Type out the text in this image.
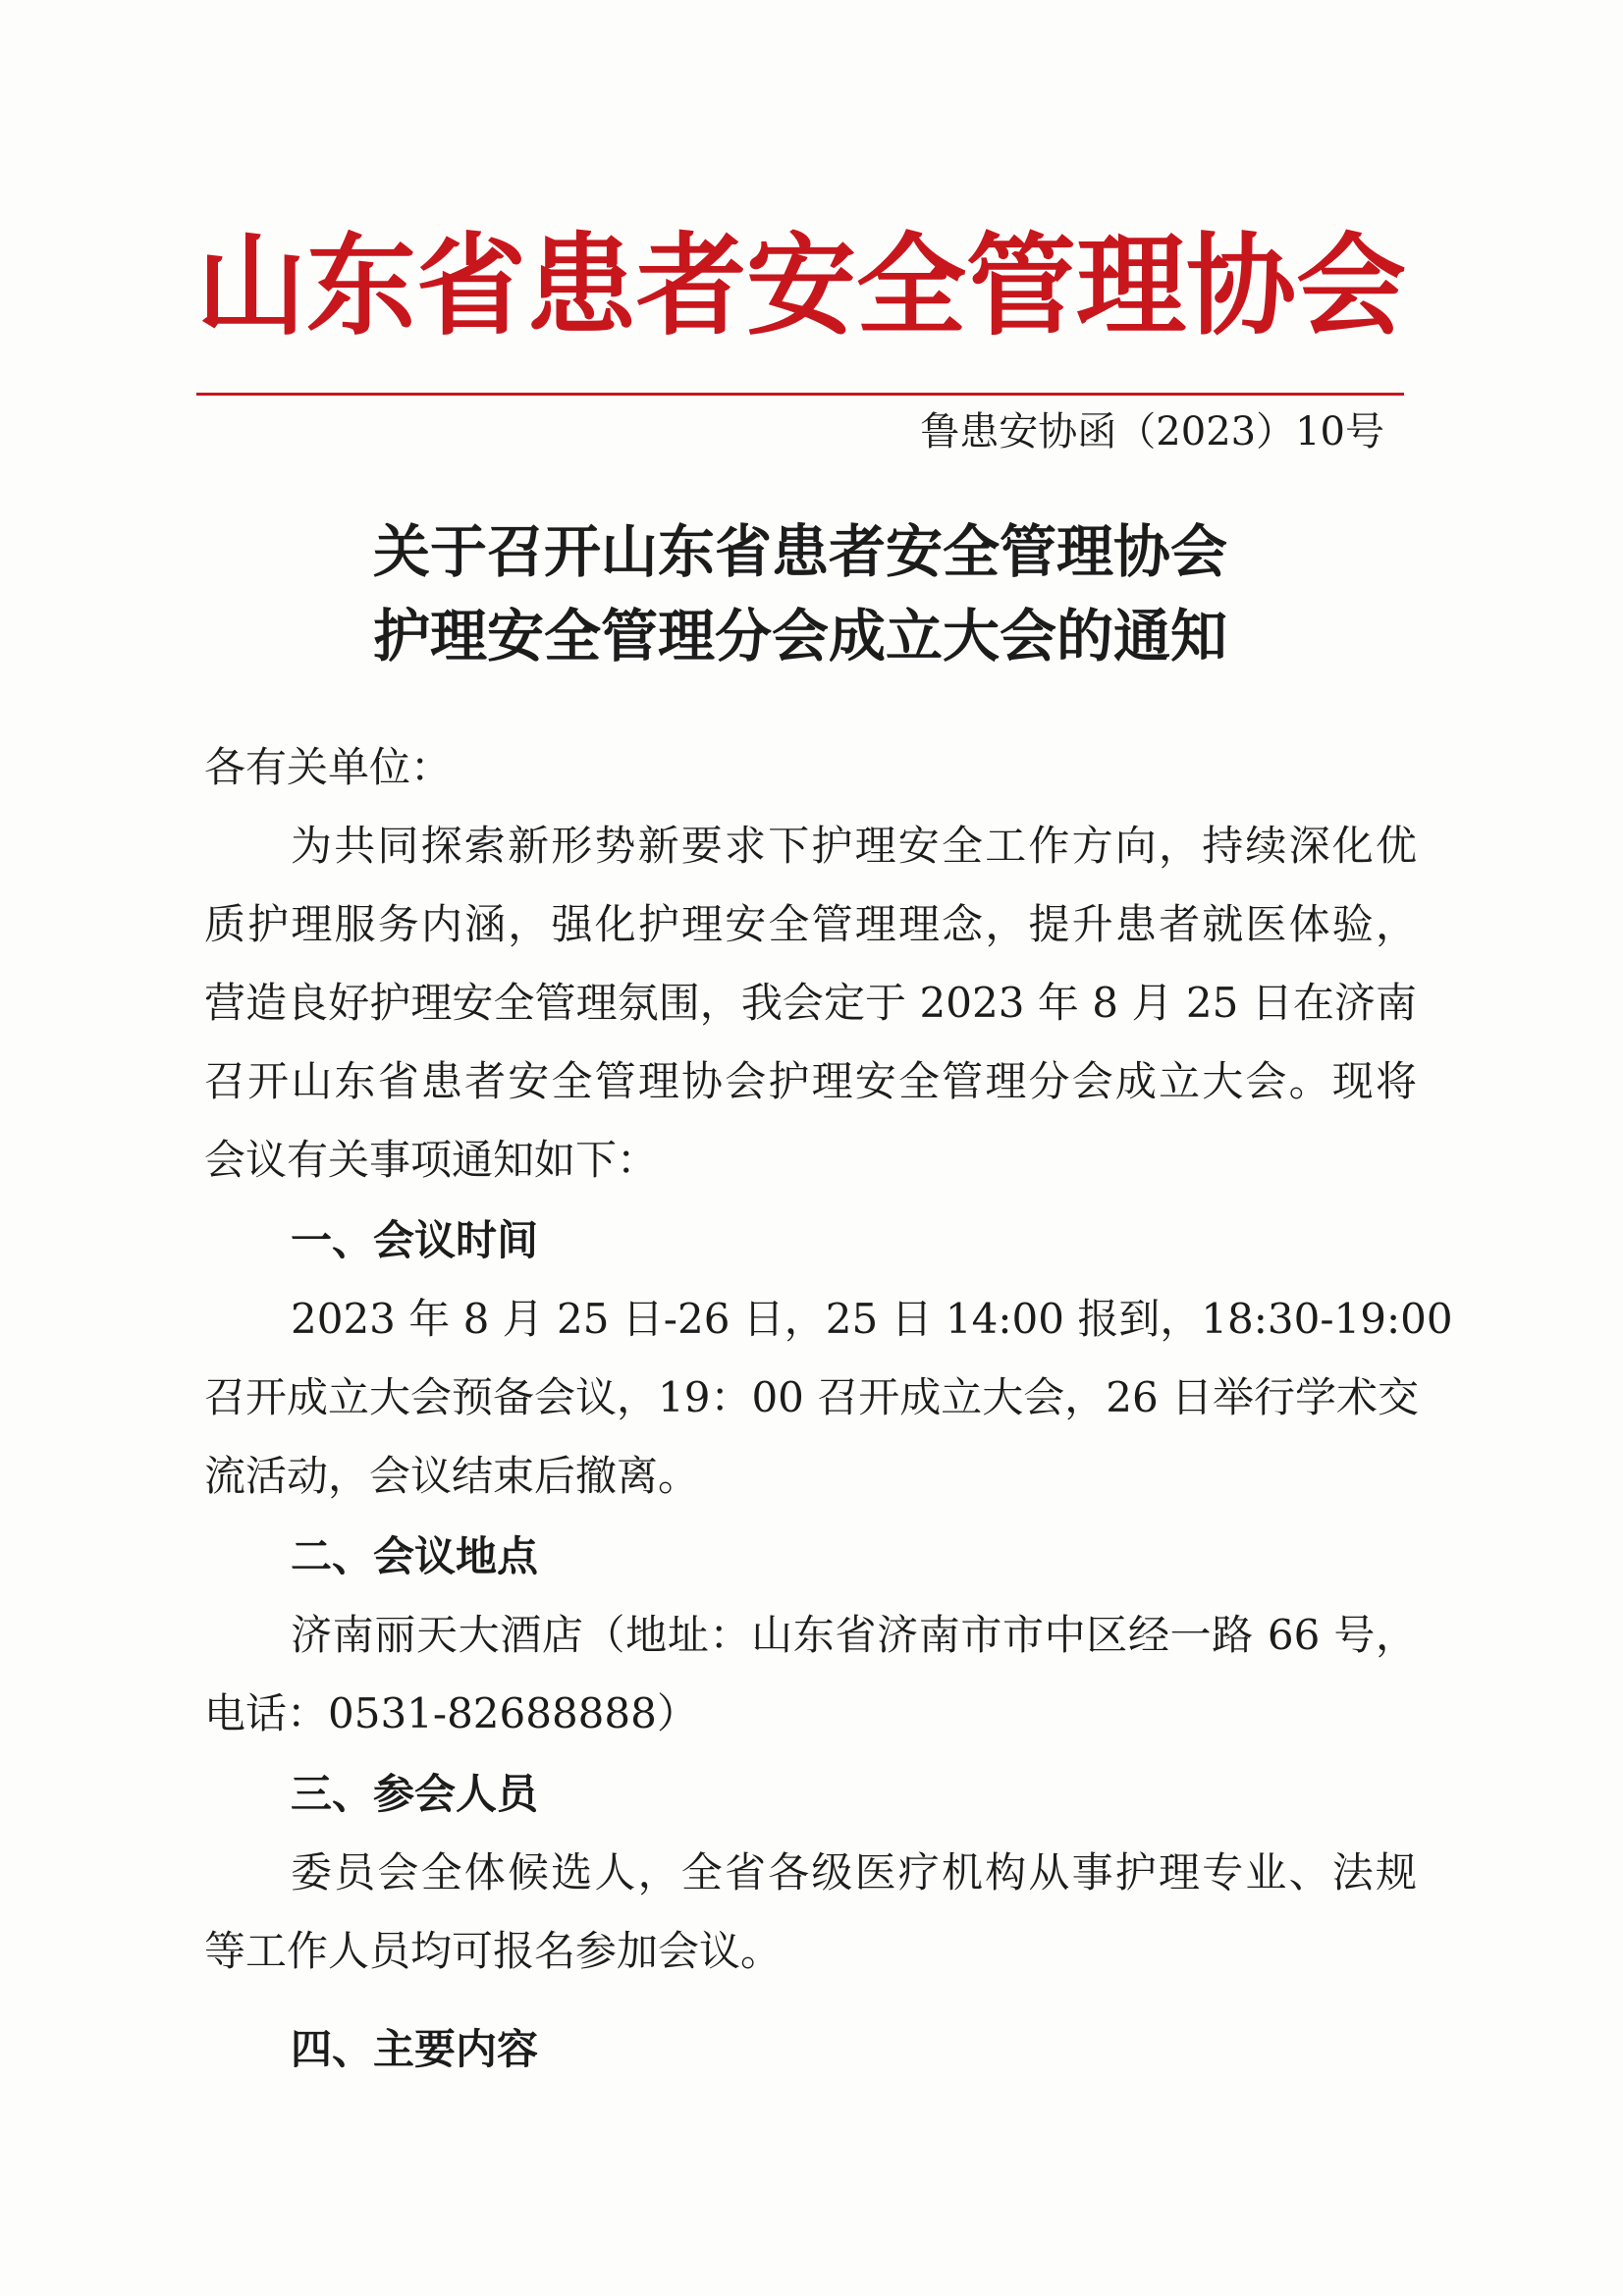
山 东 省 患 者 安 全 管 理 协 会
鲁患安协函（2023）10号
关于召开山东省患者安全管理协会
护理安全管理分会成立大会的通知
各有关单位：
为共同探索新形势新要求下护理安全工作方向，持续深化优
质护理服务内涵，强化护理安全管理理念，提升患者就医体验，
营造良好护理安全管理氛围，我会定于 2023 年 8 月 25 日在济南
召开山东省患者安全管理协会护理安全管理分会成立大会。现将
会议有关事项通知如下：
一、会议时间
2023 年 8 月 25 日-26 日，25 日 14:00 报到，18:30-19:00
召开成立大会预备会议，19：00 召开成立大会，26 日举行学术交
流活动，会议结束后撤离。
二、会议地点
济南丽天大酒店（地址：山东省济南市市中区经一路 66 号，
电话：0531-82688888）
三、参会人员
委员会全体候选人，全省各级医疗机构从事护理专业、法规
等工作人员均可报名参加会议。
四、主要内容
